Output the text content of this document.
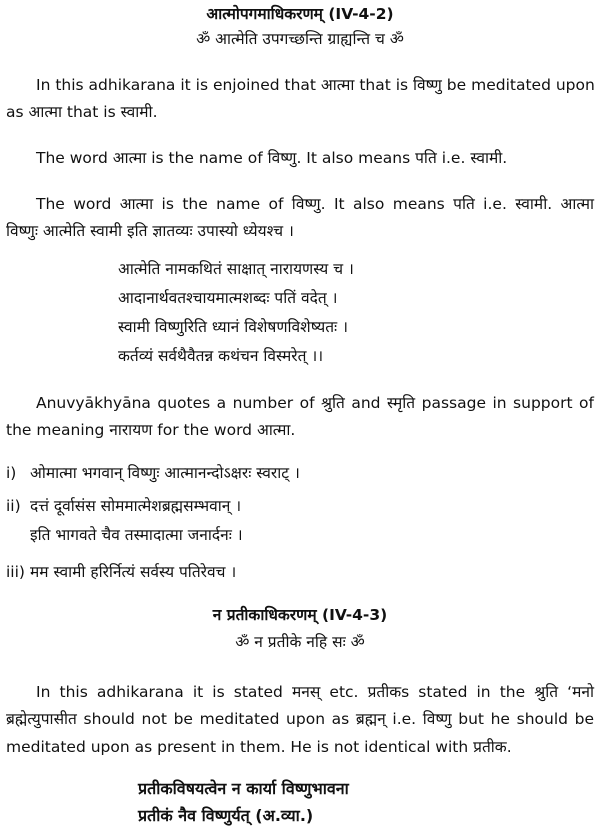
आत्मोपगमाधिकरणम् (IV-4-2)
ॐ आत्मेति उपगच्छन्ति ग्राह्यन्ति च ॐ
In this adhikarana it is enjoined that आत्मा that is विष्णु be meditated upon
as आत्मा that is स्वामी.
The word आत्मा is the name of विष्णु. It also means पति i.e. स्वामी.
The word आत्मा is the name of विष्णु. It also means पति i.e. स्वामी. आत्मा
विष्णुः आत्मेति स्वामी इति ज्ञातव्यः उपास्यो ध्येयश्च ।
आत्मेति नामकथितं साक्षात् नारायणस्य च ।
आदानार्थवतश्चायमात्मशब्दः पतिं वदेत् ।
स्वामी विष्णुरिति ध्यानं विशेषणविशेष्यतः ।
कर्तव्यं सर्वथैवैतन्न कथंचन विस्मरेत् ।।
Anuvyākhyāna quotes a number of श्रुति and स्मृति passage in support of
the meaning नारायण for the word आत्मा.
i) ओमात्मा भगवान् विष्णुः आत्मानन्दोऽक्षरः स्वराट् ।
ii) दत्तं दूर्वासंस सोममात्मेशब्रह्मसम्भवान् ।
इति भागवते चैव तस्मादात्मा जनार्दनः ।
iii) मम स्वामी हरिर्नित्यं सर्वस्य पतिरेवच ।
न प्रतीकाधिकरणम् (IV-4-3)
ॐ न प्रतीके नहि सः ॐ
In this adhikarana it is stated मनस् etc. प्रतीकs stated in the श्रुति ‘मनो
ब्रह्मेत्युपासीत should not be meditated upon as ब्रह्मन् i.e. विष्णु but he should be
meditated upon as present in them. He is not identical with प्रतीक.
प्रतीकविषयत्वेन न कार्या विष्णुभावना
प्रतीकं नैव विष्णुर्यत् (अ.व्या.)
